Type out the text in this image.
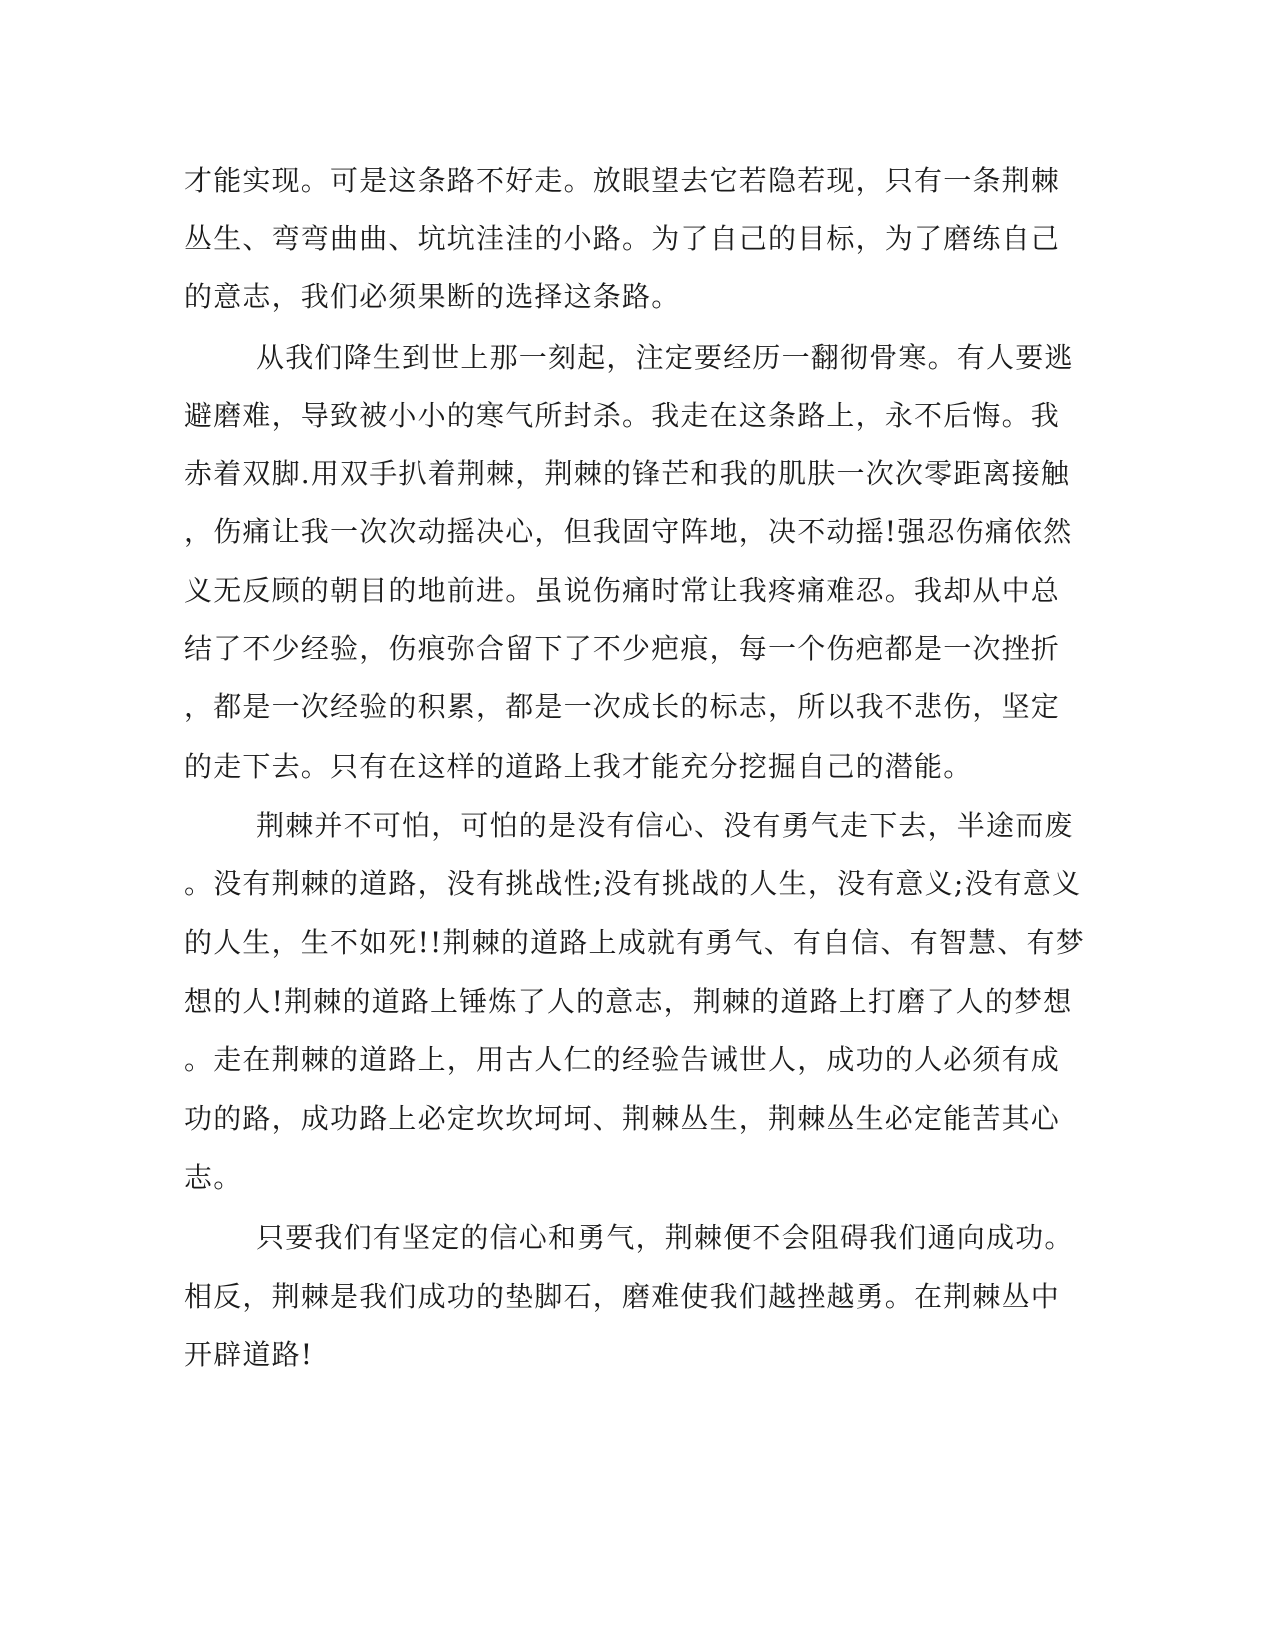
才能实现。可是这条路不好走。放眼望去它若隐若现，只有一条荆棘
丛生、弯弯曲曲、坑坑洼洼的小路。为了自己的目标，为了磨练自己
的意志，我们必须果断的选择这条路。
从我们降生到世上那一刻起，注定要经历一翻彻骨寒。有人要逃
避磨难，导致被小小的寒气所封杀。我走在这条路上，永不后悔。我
赤着双脚.用双手扒着荆棘，荆棘的锋芒和我的肌肤一次次零距离接触
，伤痛让我一次次动摇决心，但我固守阵地，决不动摇!强忍伤痛依然
义无反顾的朝目的地前进。虽说伤痛时常让我疼痛难忍。我却从中总
结了不少经验，伤痕弥合留下了不少疤痕，每一个伤疤都是一次挫折
，都是一次经验的积累，都是一次成长的标志，所以我不悲伤，坚定
的走下去。只有在这样的道路上我才能充分挖掘自己的潜能。
荆棘并不可怕，可怕的是没有信心、没有勇气走下去，半途而废
。没有荆棘的道路，没有挑战性;没有挑战的人生，没有意义;没有意义
的人生，生不如死!!荆棘的道路上成就有勇气、有自信、有智慧、有梦
想的人!荆棘的道路上锤炼了人的意志，荆棘的道路上打磨了人的梦想
。走在荆棘的道路上，用古人仁的经验告诫世人，成功的人必须有成
功的路，成功路上必定坎坎坷坷、荆棘丛生，荆棘丛生必定能苦其心
志。
只要我们有坚定的信心和勇气，荆棘便不会阻碍我们通向成功。
相反，荆棘是我们成功的垫脚石，磨难使我们越挫越勇。在荆棘丛中
开辟道路!
